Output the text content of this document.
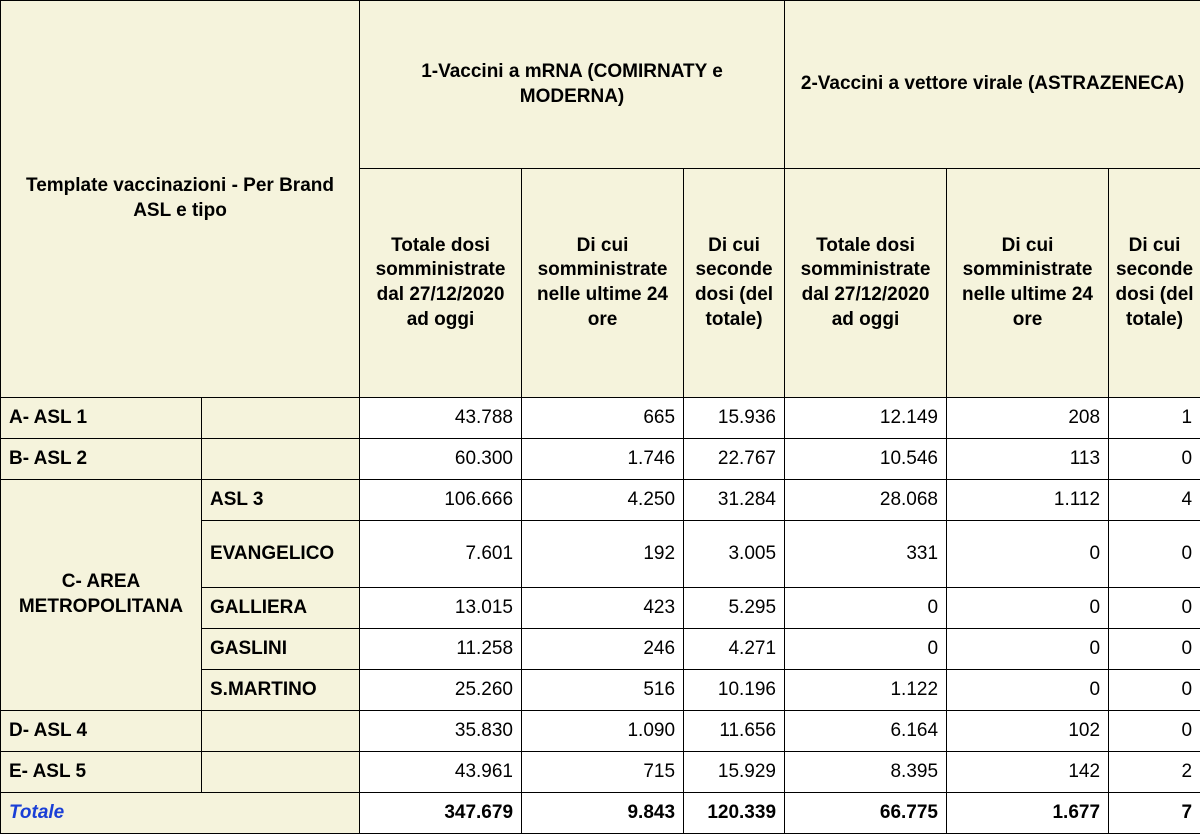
Template vaccinazioni - Per Brand ASL e tipo		1-Vaccini a mRNA (COMIRNATY e MODERNA)			2-Vaccini a vettore virale (ASTRAZENECA)		
		Totale dosi somministrate dal 27/12/2020 ad oggi	Di cui somministrate nelle ultime 24 ore	Di cui seconde dosi (del totale)	Totale dosi somministrate dal 27/12/2020 ad oggi	Di cui somministrate nelle ultime 24 ore	Di cui seconde dosi (del totale)
A- ASL 1		43.788	665	15.936	12.149	208	1
B- ASL 2		60.300	1.746	22.767	10.546	113	0
C- AREA METROPOLITANA	ASL 3	106.666	4.250	31.284	28.068	1.112	4
	EVANGELICO	7.601	192	3.005	331	0	0
	GALLIERA	13.015	423	5.295	0	0	0
	GASLINI	11.258	246	4.271	0	0	0
	S.MARTINO	25.260	516	10.196	1.122	0	0
D- ASL 4		35.830	1.090	11.656	6.164	102	0
E- ASL 5		43.961	715	15.929	8.395	142	2
Totale		347.679	9.843	120.339	66.775	1.677	7
